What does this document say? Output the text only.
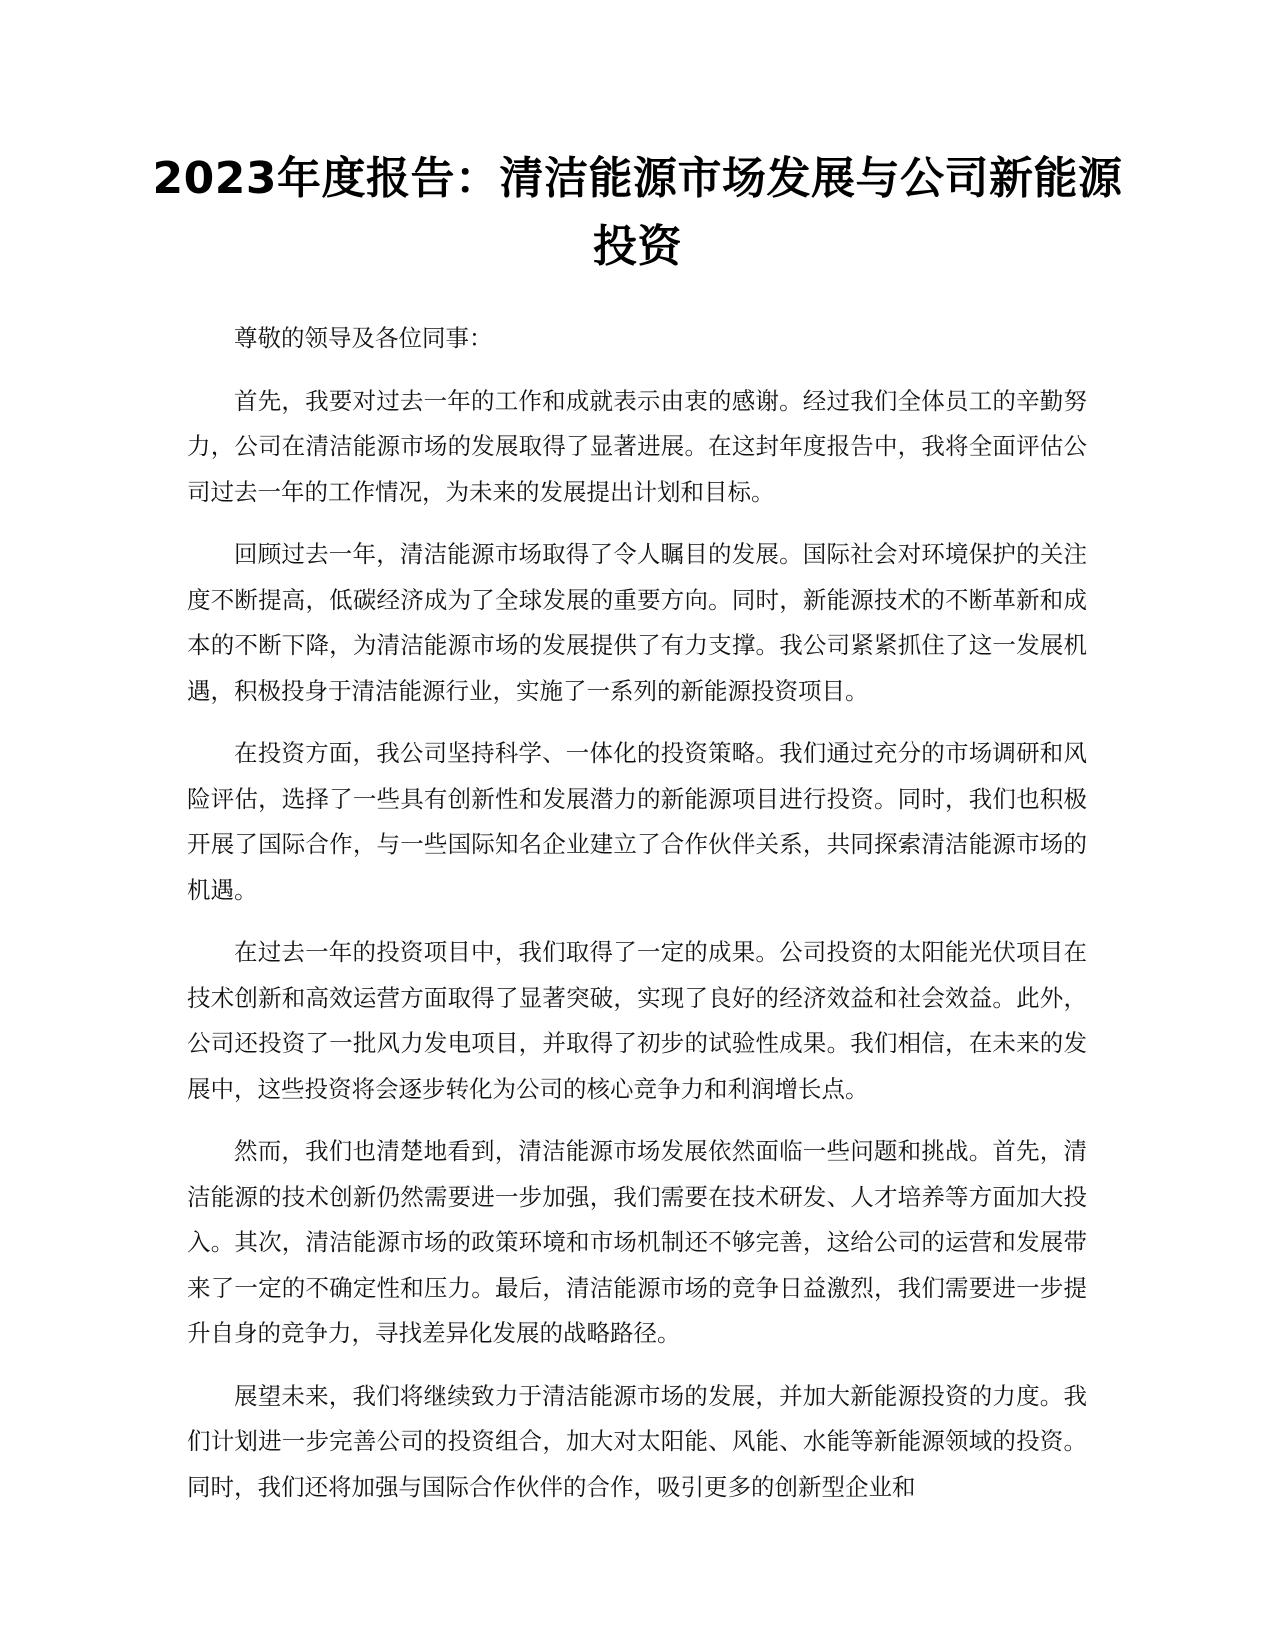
2023年度报告：清洁能源市场发展与公司新能源投资

尊敬的领导及各位同事：

首先，我要对过去一年的工作和成就表示由衷的感谢。经过我们全体员工的辛勤努力，公司在清洁能源市场的发展取得了显著进展。在这封年度报告中，我将全面评估公司过去一年的工作情况，为未来的发展提出计划和目标。

回顾过去一年，清洁能源市场取得了令人瞩目的发展。国际社会对环境保护的关注度不断提高，低碳经济成为了全球发展的重要方向。同时，新能源技术的不断革新和成本的不断下降，为清洁能源市场的发展提供了有力支撑。我公司紧紧抓住了这一发展机遇，积极投身于清洁能源行业，实施了一系列的新能源投资项目。

在投资方面，我公司坚持科学、一体化的投资策略。我们通过充分的市场调研和风险评估，选择了一些具有创新性和发展潜力的新能源项目进行投资。同时，我们也积极开展了国际合作，与一些国际知名企业建立了合作伙伴关系，共同探索清洁能源市场的机遇。

在过去一年的投资项目中，我们取得了一定的成果。公司投资的太阳能光伏项目在技术创新和高效运营方面取得了显著突破，实现了良好的经济效益和社会效益。此外，公司还投资了一批风力发电项目，并取得了初步的试验性成果。我们相信，在未来的发展中，这些投资将会逐步转化为公司的核心竞争力和利润增长点。

然而，我们也清楚地看到，清洁能源市场发展依然面临一些问题和挑战。首先，清洁能源的技术创新仍然需要进一步加强，我们需要在技术研发、人才培养等方面加大投入。其次，清洁能源市场的政策环境和市场机制还不够完善，这给公司的运营和发展带来了一定的不确定性和压力。最后，清洁能源市场的竞争日益激烈，我们需要进一步提升自身的竞争力，寻找差异化发展的战略路径。

展望未来，我们将继续致力于清洁能源市场的发展，并加大新能源投资的力度。我们计划进一步完善公司的投资组合，加大对太阳能、风能、水能等新能源领域的投资。同时，我们还将加强与国际合作伙伴的合作，吸引更多的创新型企业和
